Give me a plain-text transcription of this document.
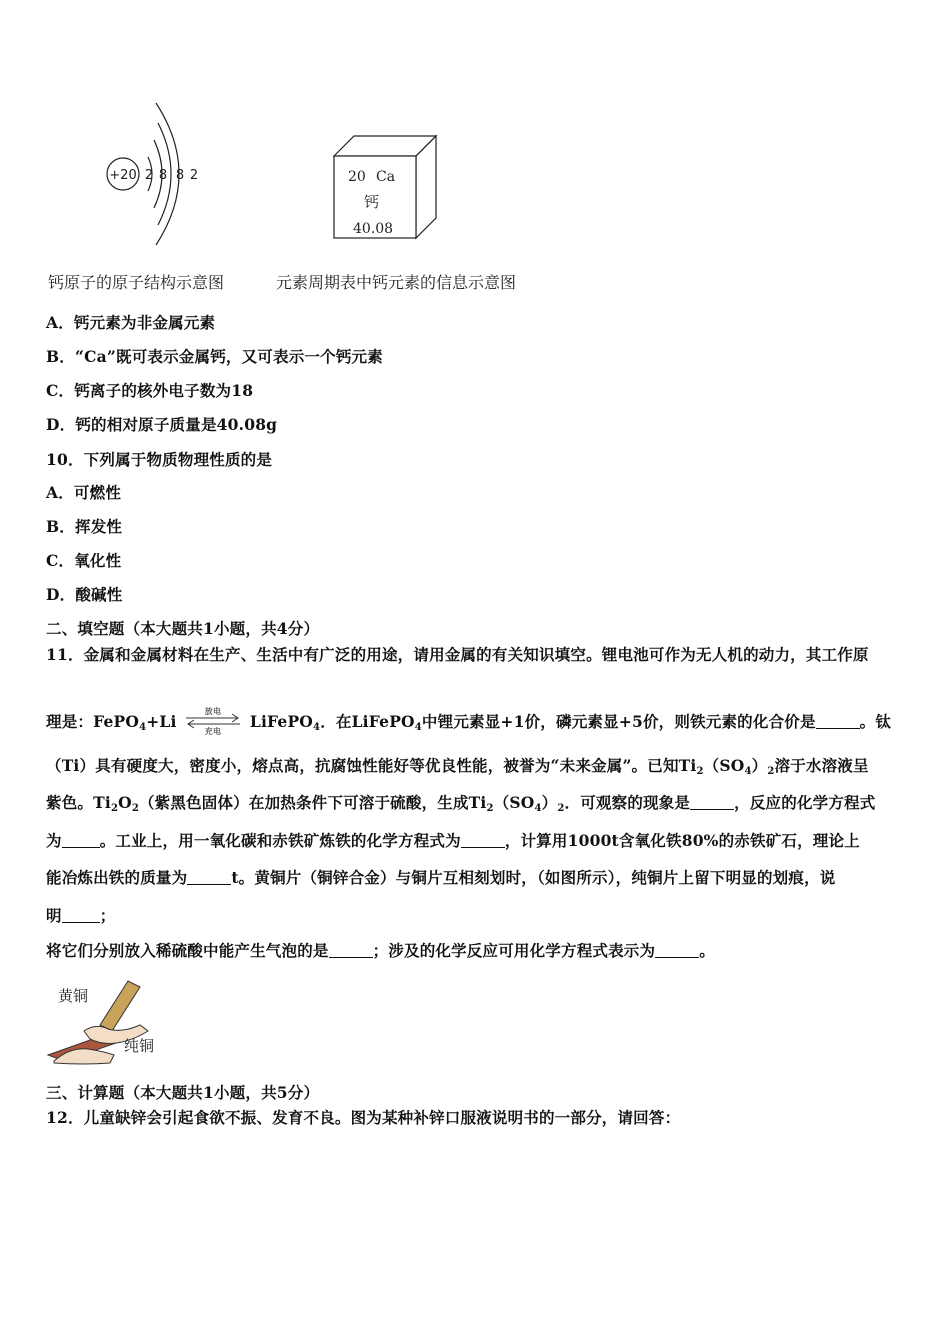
+20 2 8 8 2	20 Ca
钙
40.08
钙原子的原子结构示意图	元素周期表中钙元素的信息示意图
A．钙元素为非金属元素
B．“Ca”既可表示金属钙，又可表示一个钙元素
C．钙离子的核外电子数为18
D．钙的相对原子质量是40.08g
10．下列属于物质物理性质的是
A．可燃性
B．挥发性
C．氧化性
D．酸碱性
二、填空题（本大题共1小题，共4分）
11．金属和金属材料在生产、生活中有广泛的用途，请用金属的有关知识填空。锂电池可作为无人机的动力，其工作原
理是：FePO4+Li
放电
充电
LiFePO4．在LiFePO4中锂元素显+1价，磷元素显+5价，则铁元素的化合价是	。钛
（Ti）具有硬度大，密度小，熔点高，抗腐蚀性能好等优良性能，被誉为“未来金属”。已知Ti2（SO4）2溶于水溶液呈
紫色。Ti2O2（紫黑色固体）在加热条件下可溶于硫酸，生成Ti2（SO4）2．可观察的现象是	，反应的化学方程式
为 。工业上，用一氧化碳和赤铁矿炼铁的化学方程式为	，计算用1000t含氧化铁80%的赤铁矿石，理论上
能冶炼出铁的质量为	t。黄铜片（铜锌合金）与铜片互相刻划时，（如图所示），纯铜片上留下明显的划痕，说
明 ；
将它们分别放入稀硫酸中能产生气泡的是	；涉及的化学反应可用化学方程式表示为	。
黄铜
纯铜
三、计算题（本大题共1小题，共5分）
12．儿童缺锌会引起食欲不振、发育不良。图为某种补锌口服液说明书的一部分，请回答：
